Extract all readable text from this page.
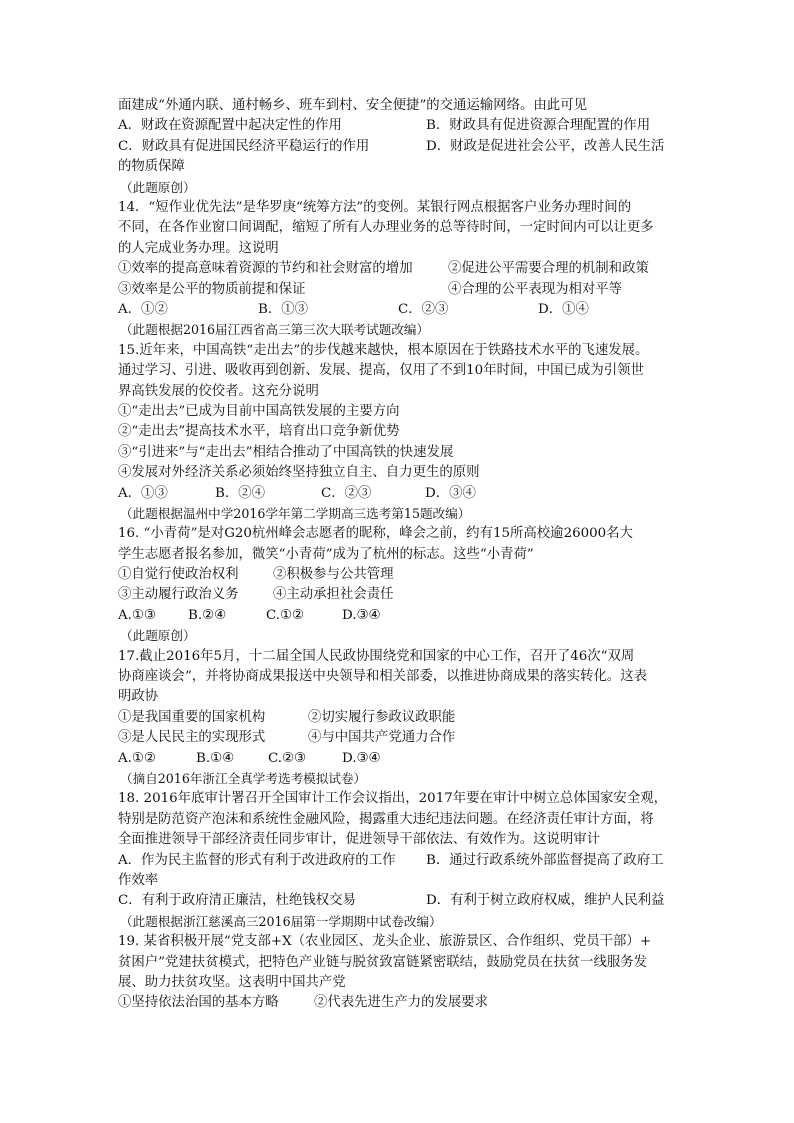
面建成“外通内联、通村畅乡、班车到村、安全便捷”的交通运输网络。由此可见
A．财政在资源配置中起决定性的作用	B．财政具有促进资源合理配置的作用
C．财政具有促进国民经济平稳运行的作用	D．财政是促进社会公平，改善人民生活
的物质保障
（此题原创）
14．“短作业优先法”是华罗庚“统筹方法”的变例。某银行网点根据客户业务办理时间的
不同，在各作业窗口间调配，缩短了所有人办理业务的总等待时间，一定时间内可以让更多
的人完成业务办理。这说明
①效率的提高意味着资源的节约和社会财富的增加	②促进公平需要合理的机制和政策
③效率是公平的物质前提和保证	④合理的公平表现为相对平等
A．①②	B．①③	C．②③	D．①④
（此题根据2016届江西省高三第三次大联考试题改编）
15.近年来，中国高铁“走出去”的步伐越来越快，根本原因在于铁路技术水平的飞速发展。
通过学习、引进、吸收再到创新、发展、提高，仅用了不到10年时间，中国已成为引领世
界高铁发展的佼佼者。这充分说明
①“走出去”已成为目前中国高铁发展的主要方向
②“走出去”提高技术水平，培育出口竞争新优势
③“引进来”与“走出去”相结合推动了中国高铁的快速发展
④发展对外经济关系必须始终坚持独立自主、自力更生的原则
A．①③	B．②④	C．②③	D．③④
（此题根据温州中学2016学年第二学期高三选考第15题改编）
16. “小青荷”是对G20杭州峰会志愿者的昵称，峰会之前，约有15所高校逾26000名大
学生志愿者报名参加，微笑“小青荷”成为了杭州的标志。这些“小青荷”
①自觉行使政治权利	②积极参与公共管理
③主动履行政治义务	④主动承担社会责任
A.①③	B.②④	C.①②	D.③④
（此题原创）
17.截止2016年5月，十二届全国人民政协围绕党和国家的中心工作，召开了46次“双周
协商座谈会”，并将协商成果报送中央领导和相关部委，以推进协商成果的落实转化。这表
明政协
①是我国重要的国家机构	②切实履行参政议政职能
③是人民民主的实现形式	④与中国共产党通力合作
A.①②	B.①④	C.②③	D.③④
（摘自2016年浙江全真学考选考模拟试卷）
18. 2016年底审计署召开全国审计工作会议指出，2017年要在审计中树立总体国家安全观，
特别是防范资产泡沫和系统性金融风险，揭露重大违纪违法问题。在经济责任审计方面，将
全面推进领导干部经济责任同步审计，促进领导干部依法、有效作为。这说明审计
A．作为民主监督的形式有利于改进政府的工作	B．通过行政系统外部监督提高了政府工
作效率
C．有利于政府清正廉洁，杜绝钱权交易	D．有利于树立政府权威，维护人民利益
（此题根据浙江慈溪高三2016届第一学期期中试卷改编）
19. 某省积极开展“党支部+X（农业园区、龙头企业、旅游景区、合作组织、党员干部）+
贫困户”党建扶贫模式，把特色产业链与脱贫致富链紧密联结，鼓励党员在扶贫一线服务发
展、助力扶贫攻坚。这表明中国共产党
①坚持依法治国的基本方略	②代表先进生产力的发展要求
